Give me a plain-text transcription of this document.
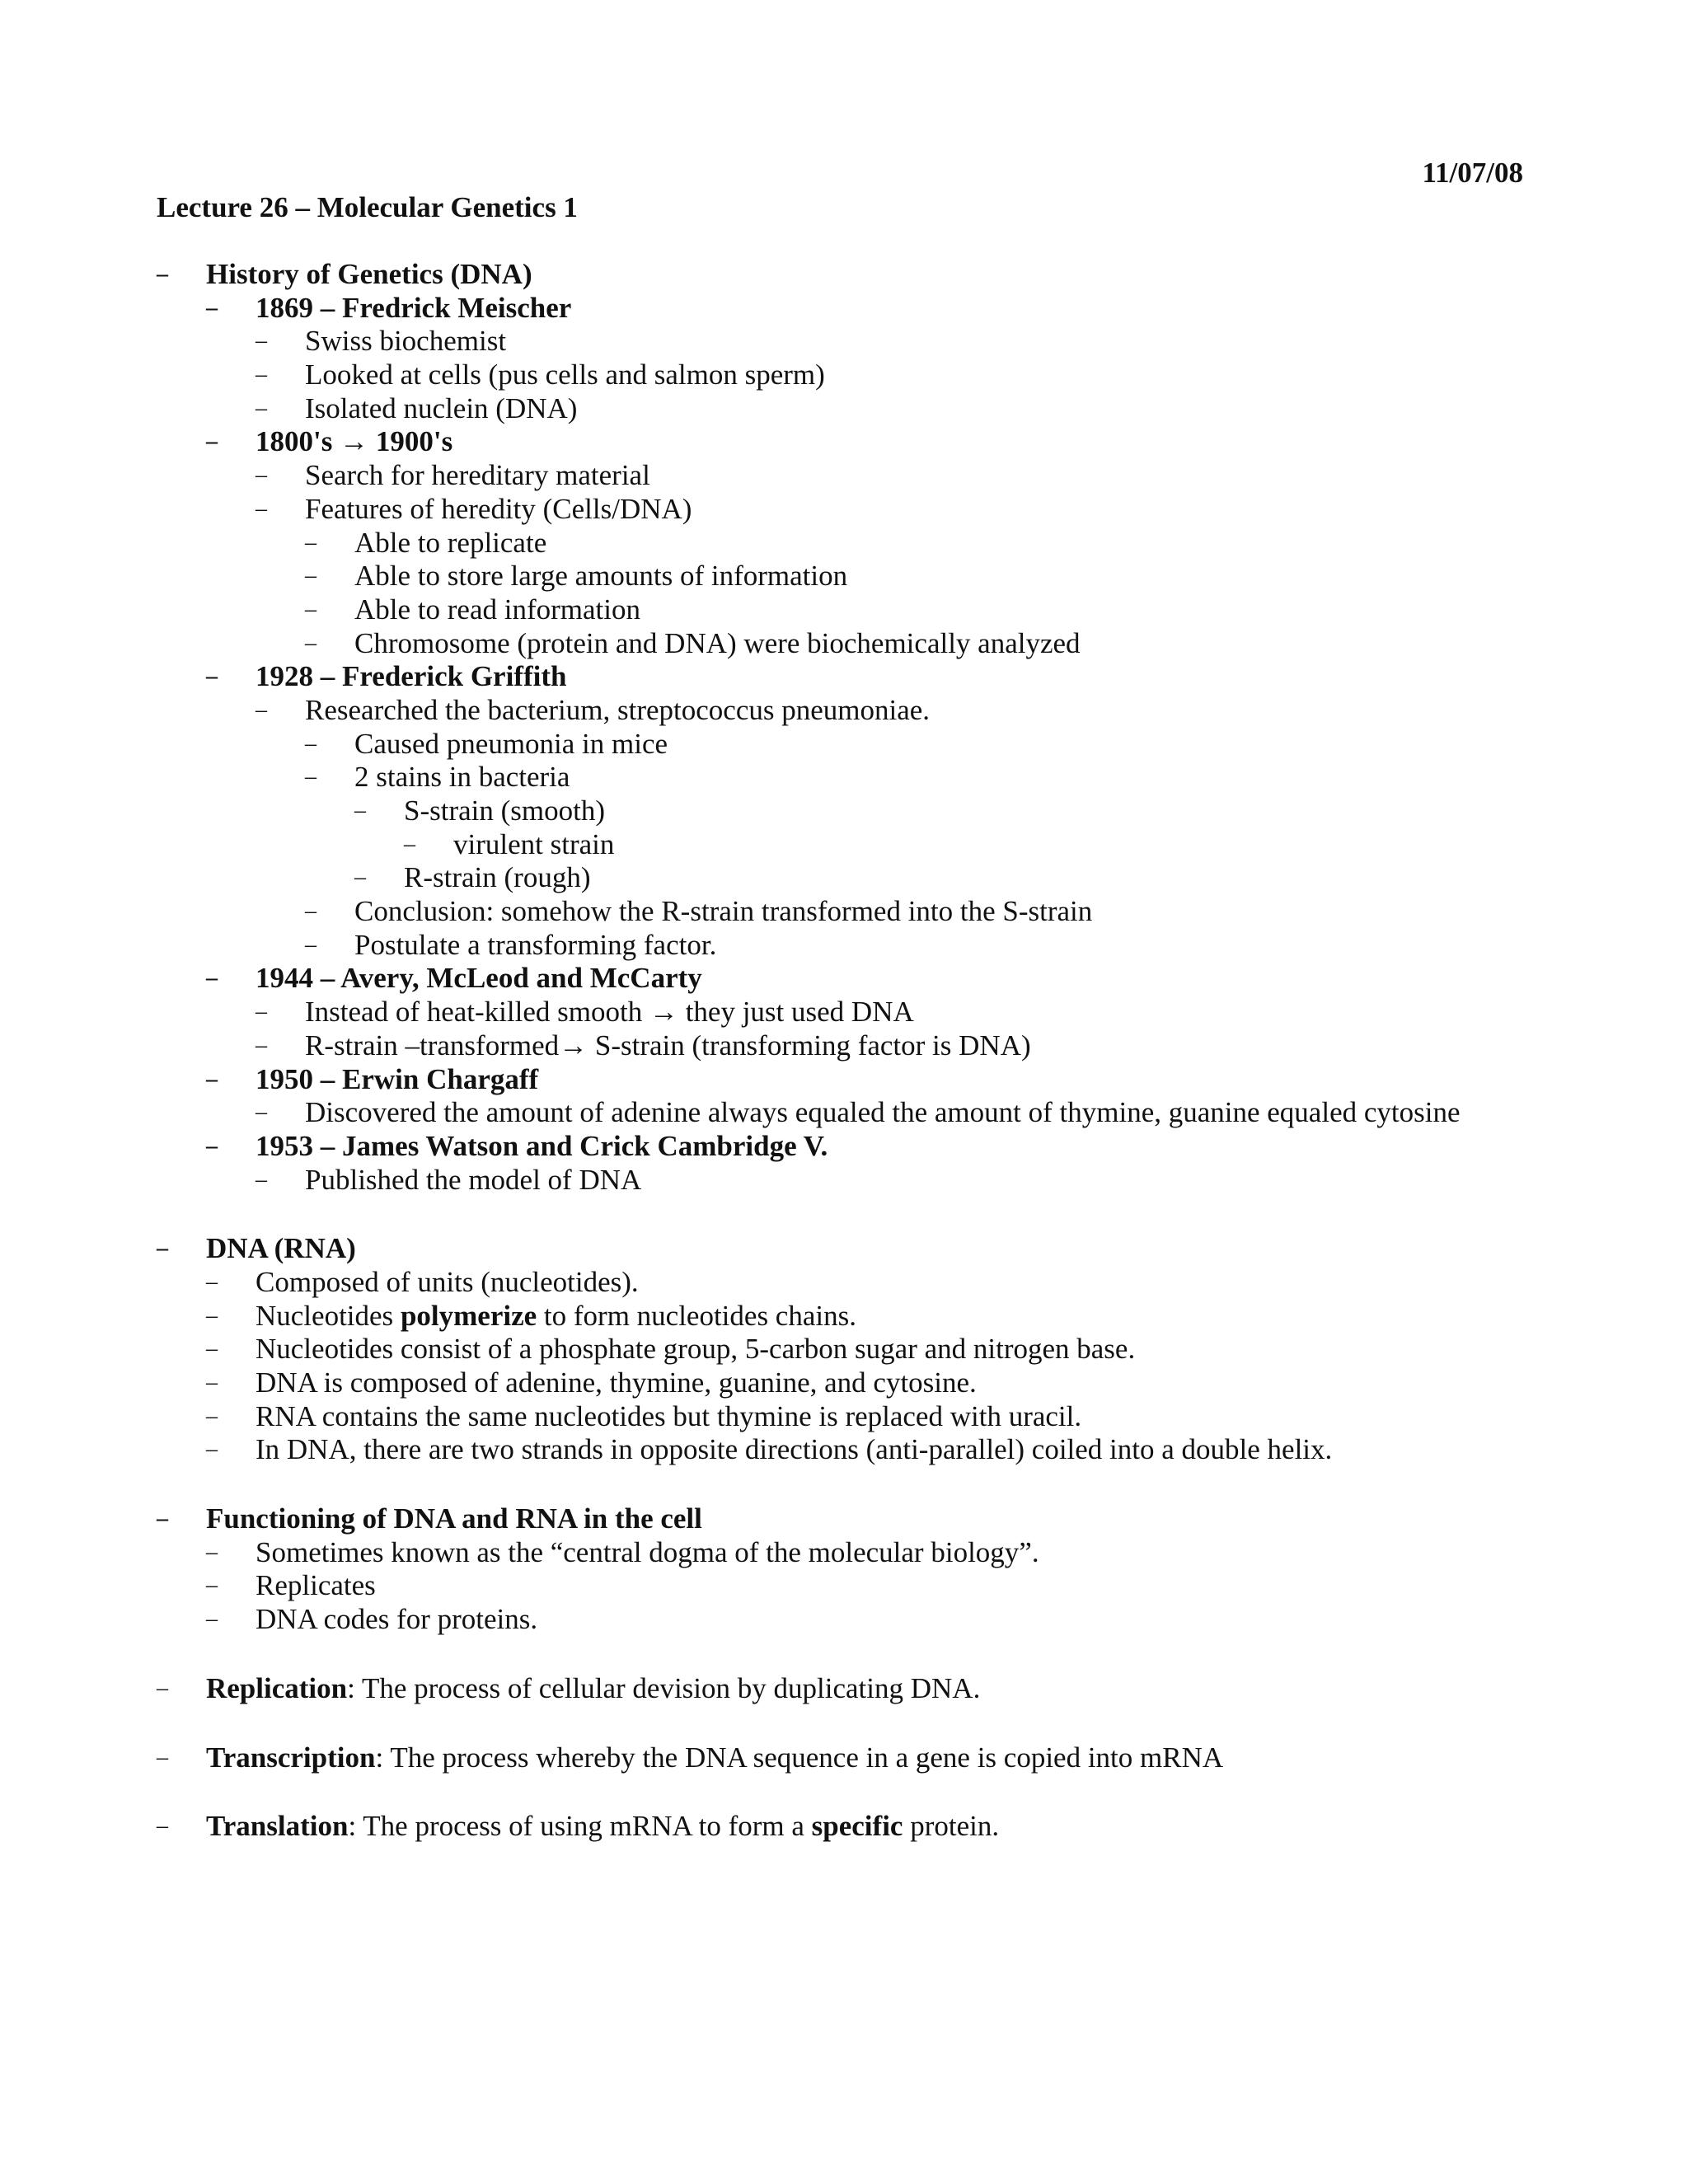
11/07/08
Lecture 26 – Molecular Genetics 1
– History of Genetics (DNA)
– 1869 – Fredrick Meischer
– Swiss biochemist
– Looked at cells (pus cells and salmon sperm)
– Isolated nuclein (DNA)
– 1800's → 1900's
– Search for hereditary material
– Features of heredity (Cells/DNA)
– Able to replicate
– Able to store large amounts of information
– Able to read information
– Chromosome (protein and DNA) were biochemically analyzed
– 1928 – Frederick Griffith
– Researched the bacterium, streptococcus pneumoniae.
– Caused pneumonia in mice
– 2 stains in bacteria
– S-strain (smooth)
– virulent strain
– R-strain (rough)
– Conclusion: somehow the R-strain transformed into the S-strain
– Postulate a transforming factor.
– 1944 – Avery, McLeod and McCarty
– Instead of heat-killed smooth → they just used DNA
– R-strain –transformed→ S-strain (transforming factor is DNA)
– 1950 – Erwin Chargaff
– Discovered the amount of adenine always equaled the amount of thymine, guanine equaled cytosine
– 1953 – James Watson and Crick Cambridge V.
– Published the model of DNA
– DNA (RNA)
– Composed of units (nucleotides).
– Nucleotides polymerize to form nucleotides chains.
– Nucleotides consist of a phosphate group, 5-carbon sugar and nitrogen base.
– DNA is composed of adenine, thymine, guanine, and cytosine.
– RNA contains the same nucleotides but thymine is replaced with uracil.
– In DNA, there are two strands in opposite directions (anti-parallel) coiled into a double helix.
– Functioning of DNA and RNA in the cell
– Sometimes known as the “central dogma of the molecular biology”.
– Replicates
– DNA codes for proteins.
– Replication: The process of cellular devision by duplicating DNA.
– Transcription: The process whereby the DNA sequence in a gene is copied into mRNA
– Translation: The process of using mRNA to form a specific protein.
